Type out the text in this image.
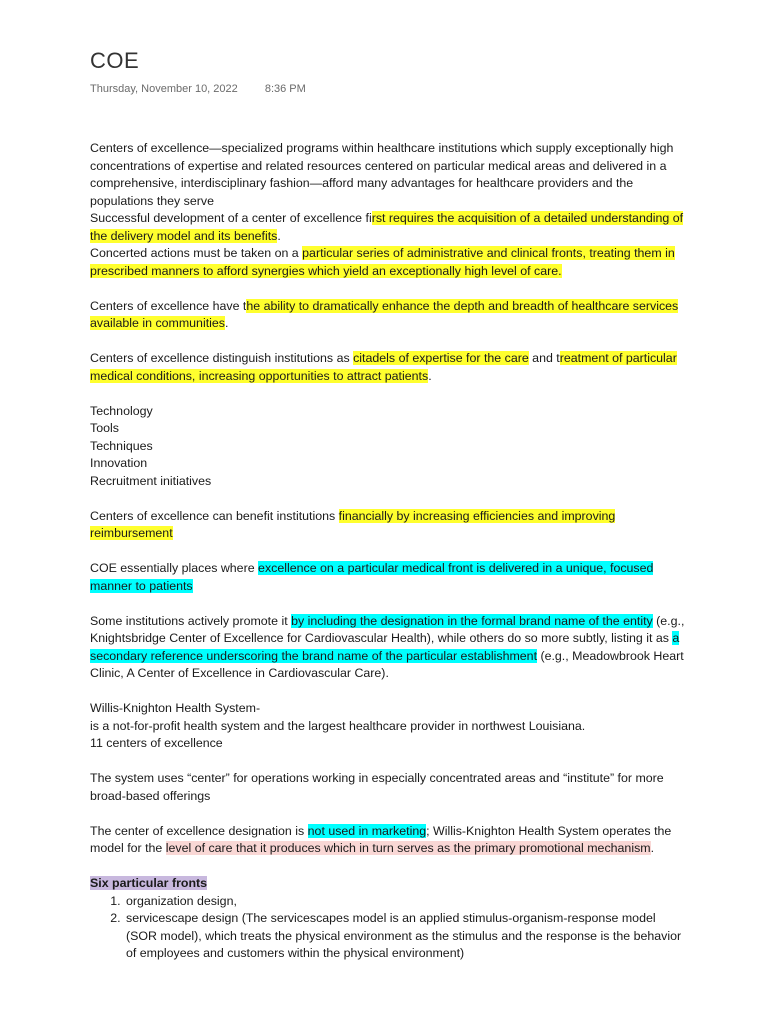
COE
Thursday, November 10, 2022 8:36 PM

Centers of excellence—specialized programs within healthcare institutions which supply exceptionally high concentrations of expertise and related resources centered on particular medical areas and delivered in a comprehensive, interdisciplinary fashion—afford many advantages for healthcare providers and the populations they serve

Successful development of a center of excellence first requires the acquisition of a detailed understanding of the delivery model and its benefits.

Concerted actions must be taken on a particular series of administrative and clinical fronts, treating them in prescribed manners to afford synergies which yield an exceptionally high level of care.

Centers of excellence have the ability to dramatically enhance the depth and breadth of healthcare services available in communities.

Centers of excellence distinguish institutions as citadels of expertise for the care and treatment of particular medical conditions, increasing opportunities to attract patients.

Technology

Tools

Techniques

Innovation

Recruitment initiatives

Centers of excellence can benefit institutions financially by increasing efficiencies and improving reimbursement

COE essentially places where excellence on a particular medical front is delivered in a unique, focused manner to patients

Some institutions actively promote it by including the designation in the formal brand name of the entity (e.g., Knightsbridge Center of Excellence for Cardiovascular Health), while others do so more subtly, listing it as a secondary reference underscoring the brand name of the particular establishment (e.g., Meadowbrook Heart Clinic, A Center of Excellence in Cardiovascular Care).

Willis-Knighton Health System-

is a not-for-profit health system and the largest healthcare provider in northwest Louisiana.

11 centers of excellence

The system uses “center” for operations working in especially concentrated areas and “institute” for more broad-based offerings

The center of excellence designation is not used in marketing; Willis-Knighton Health System operates the model for the level of care that it produces which in turn serves as the primary promotional mechanism.

Six particular fronts

1. organization design,
2. servicescape design (The servicescapes model is an applied stimulus-organism-response model (SOR model), which treats the physical environment as the stimulus and the response is the behavior of employees and customers within the physical environment)
